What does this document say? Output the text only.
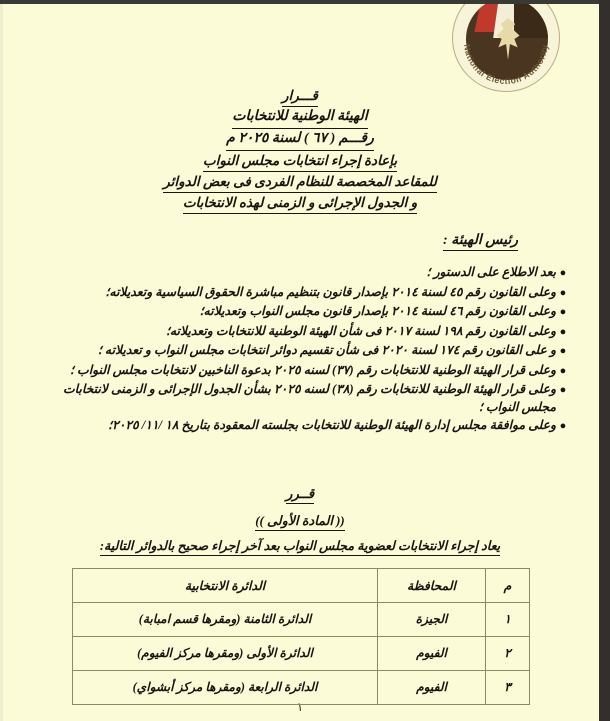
National Election Authority
قـــرار
الهيئة الوطنية للانتخابات
رقـــم ( ٦٧ ) لسنة ٢٠٢٥ م
بإعادة إجراء انتخابات مجلس النواب
للمقاعد المخصصة للنظام الفردى فى بعض الدوائر
و الجدول الإجرائى و الزمنى لهذه الانتخابات
رئيس الهيئة :
●
بعد الاطلاع على الدستور ؛
●
وعلى القانون رقم ٤٥ لسنة ٢٠١٤ بإصدار قانون بتنظيم مباشرة الحقوق السياسية وتعديلاته؛
●
وعلى القانون رقم ٤٦ لسنة ٢٠١٤ بإصدار قانون مجلس النواب وتعديلاته؛
●
وعلى القانون رقم ١٩٨ لسنة ٢٠١٧ فى شأن الهيئة الوطنية للانتخابات وتعديلاته؛
●
و على القانون رقم ١٧٤ لسنة ٢٠٢٠ فى شأن تقسيم دوائر انتخابات مجلس النواب و تعديلاته ؛
●
وعلى قرار الهيئة الوطنية للانتخابات رقم (٣٧) لسنه ٢٠٢٥ بدعوة الناخبين لانتخابات مجلس النواب ؛
●
وعلى قرار الهيئة الوطنية للانتخابات رقم (٣٨) لسنه ٢٠٢٥ بشأن الجدول الإجرائى و الزمنى لانتخابات مجلس النواب ؛
●
وعلى موافقة مجلس إدارة الهيئة الوطنية للانتخابات بجلسته المعقودة بتاريخ ١٨ /١١/ ٢٠٢٥؛
قــرر
(( المادة الأولى ))
يعاد إجراء الانتخابات لعضوية مجلس النواب بعد آخر إجراء صحيح بالدوائر التالية:
م	المحافظة	الدائرة الانتخابية
١	الجيزة	الدائرة الثامنة (ومقرها قسم امبابة)
٢	الفيوم	الدائرة الأولى (ومقرها مركز الفيوم)
٣	الفيوم	الدائرة الرابعة (ومقرها مركز أبشواي)
١
